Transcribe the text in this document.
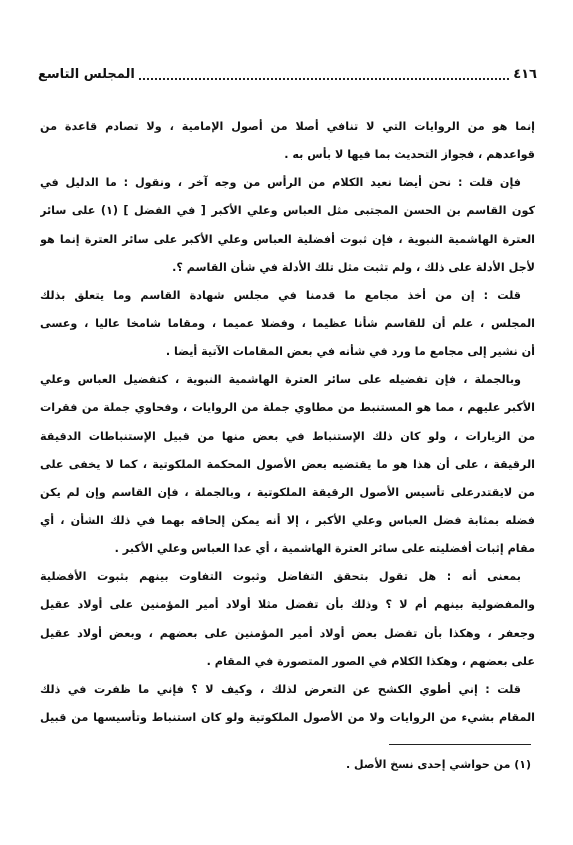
٤١٦
المجلس التاسع
إنما هو من الروايات التي لا تنافي أصلا من أصول الإمامية ، ولا تصادم قاعدة من
قواعدهم ، فجواز التحديث بما فيها لا بأس به .
فإن قلت : نحن أيضا نعيد الكلام من الرأس من وجه آخر ، ونقول : ما الدليل في
كون القاسم بن الحسن المجتبى مثل العباس وعلي الأكبر [ في الفضل ] (١) على سائر
العترة الهاشمية النبوية ، فإن ثبوت أفضلية العباس وعلي الأكبر على سائر العترة إنما هو
لأجل الأدلة على ذلك ، ولم تثبت مثل تلك الأدلة في شأن القاسم ؟.
قلت : إن من أخذ مجامع ما قدمنا في مجلس شهادة القاسم وما يتعلق بذلك
المجلس ، علم أن للقاسم شأنا عظيما ، وفضلا عميما ، ومقاما شامخا عاليا ، وعسى
أن نشير إلى مجامع ما ورد في شأنه في بعض المقامات الآتية أيضا .
وبالجملة ، فإن تفضيله على سائر العترة الهاشمية النبوية ، كتفضيل العباس وعلي
الأكبر عليهم ، مما هو المستنبط من مطاوي جملة من الروايات ، وفحاوي جملة من فقرات
من الزيارات ، ولو كان ذلك الإستنباط في بعض منها من قبيل الإستنباطات الدقيقة
الرقيقة ، على أن هذا هو ما يقتضيه بعض الأصول المحكمة الملكوتية ، كما لا يخفى على
من لايقتدرعلى تأسيس الأصول الرقيقة الملكوتية ، وبالجملة ، فإن القاسم وإن لم يكن
فضله بمثابة فضل العباس وعلي الأكبر ، إلا أنه يمكن إلحاقه بهما في ذلك الشأن ، أي
مقام إثبات أفضليته على سائر العترة الهاشمية ، أي عدا العباس وعلي الأكبر .
بمعنى أنه : هل تقول بتحقق التفاضل وثبوت التفاوت بينهم بثبوت الأفضلية
والمفضولية بينهم أم لا ؟ وذلك بأن تفضل مثلا أولاد أمير المؤمنين على أولاد عقيل
وجعفر ، وهكذا بأن تفضل بعض أولاد أمير المؤمنين على بعضهم ، وبعض أولاد عقيل
على بعضهم ، وهكذا الكلام في الصور المتصورة في المقام .
قلت : إني أطوي الكشح عن التعرض لذلك ، وكيف لا ؟ فإني ما ظفرت في ذلك
المقام بشيء من الروايات ولا من الأصول الملكوتية ولو كان استنباط وتأسيسها من قبيل
(١) من حواشي إحدى نسخ الأصل .
